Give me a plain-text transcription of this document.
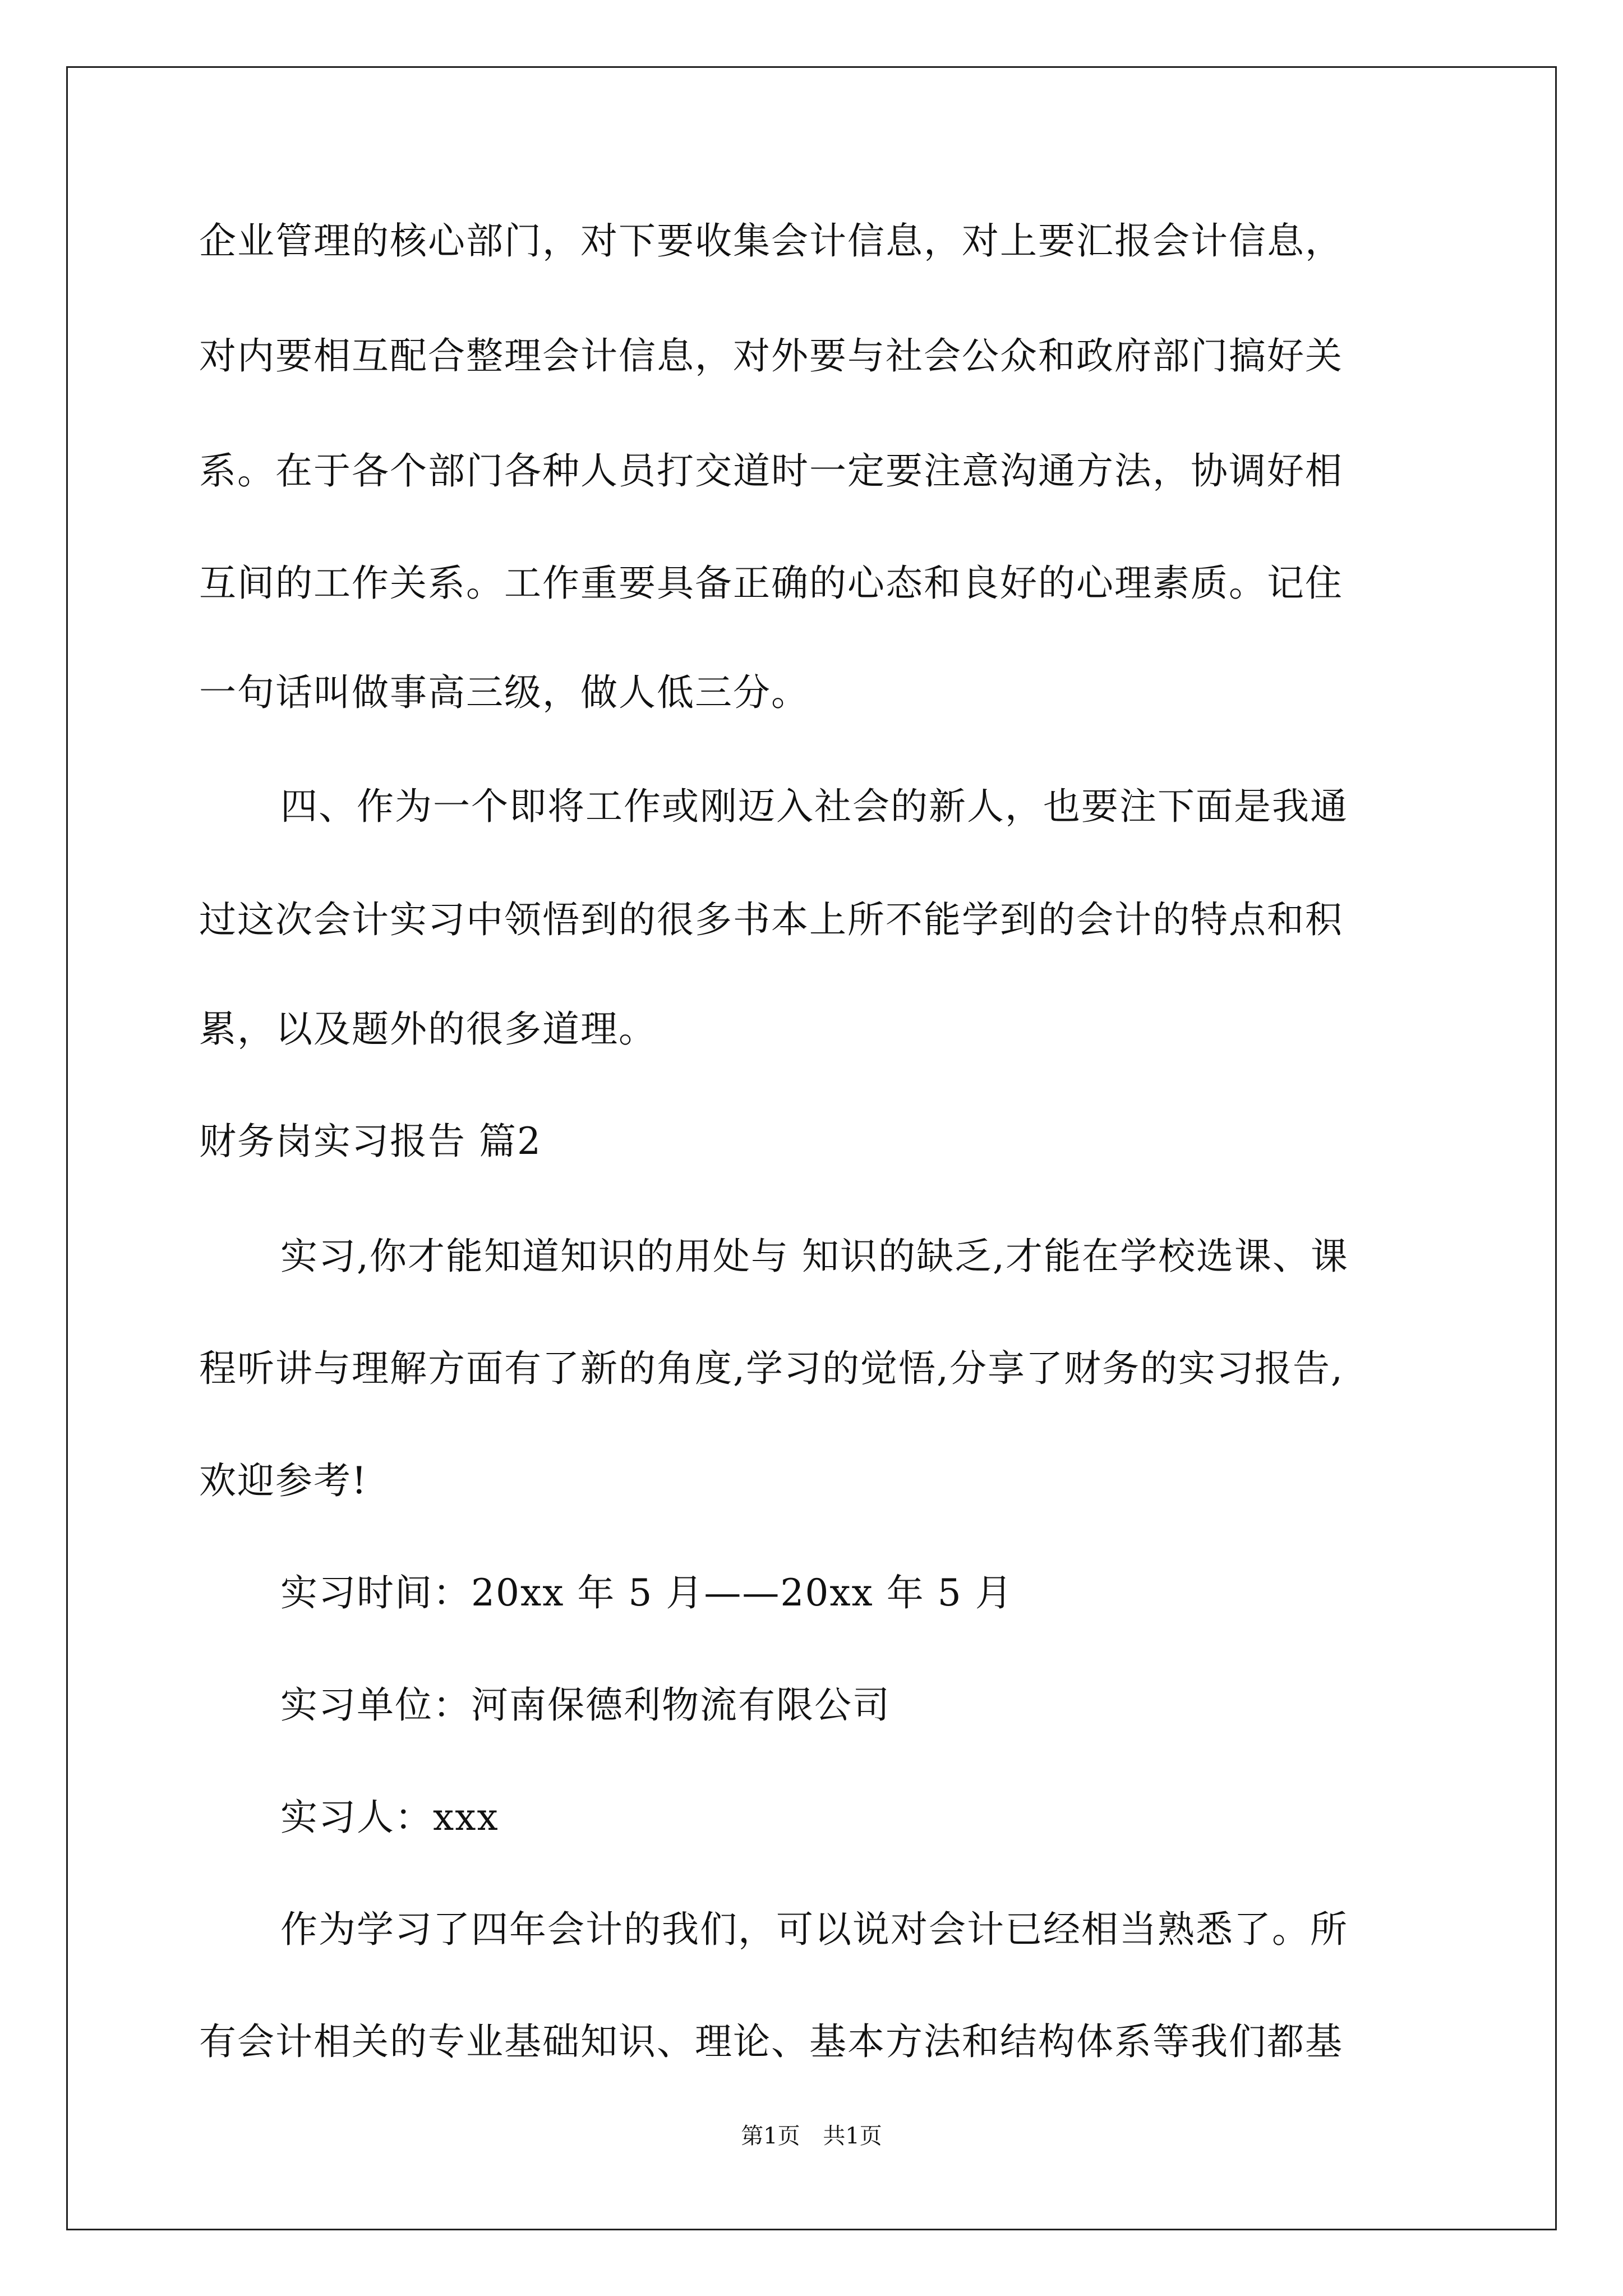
企业管理的核心部门，对下要收集会计信息，对上要汇报会计信息，
对内要相互配合整理会计信息，对外要与社会公众和政府部门搞好关
系。在于各个部门各种人员打交道时一定要注意沟通方法，协调好相
互间的工作关系。工作重要具备正确的心态和良好的心理素质。记住
一句话叫做事高三级，做人低三分。
四、作为一个即将工作或刚迈入社会的新人，也要注下面是我通
过这次会计实习中领悟到的很多书本上所不能学到的会计的特点和积
累，以及题外的很多道理。
财务岗实习报告 篇2
实习,你才能知道知识的用处与 知识的缺乏,才能在学校选课、课
程听讲与理解方面有了新的角度,学习的觉悟,分享了财务的实习报告,
欢迎参考!
实习时间：20xx 年 5 月——20xx 年 5 月
实习单位：河南保德利物流有限公司
实习人：xxx
作为学习了四年会计的我们，可以说对会计已经相当熟悉了。所
有会计相关的专业基础知识、理论、基本方法和结构体系等我们都基
第1页 共1页
